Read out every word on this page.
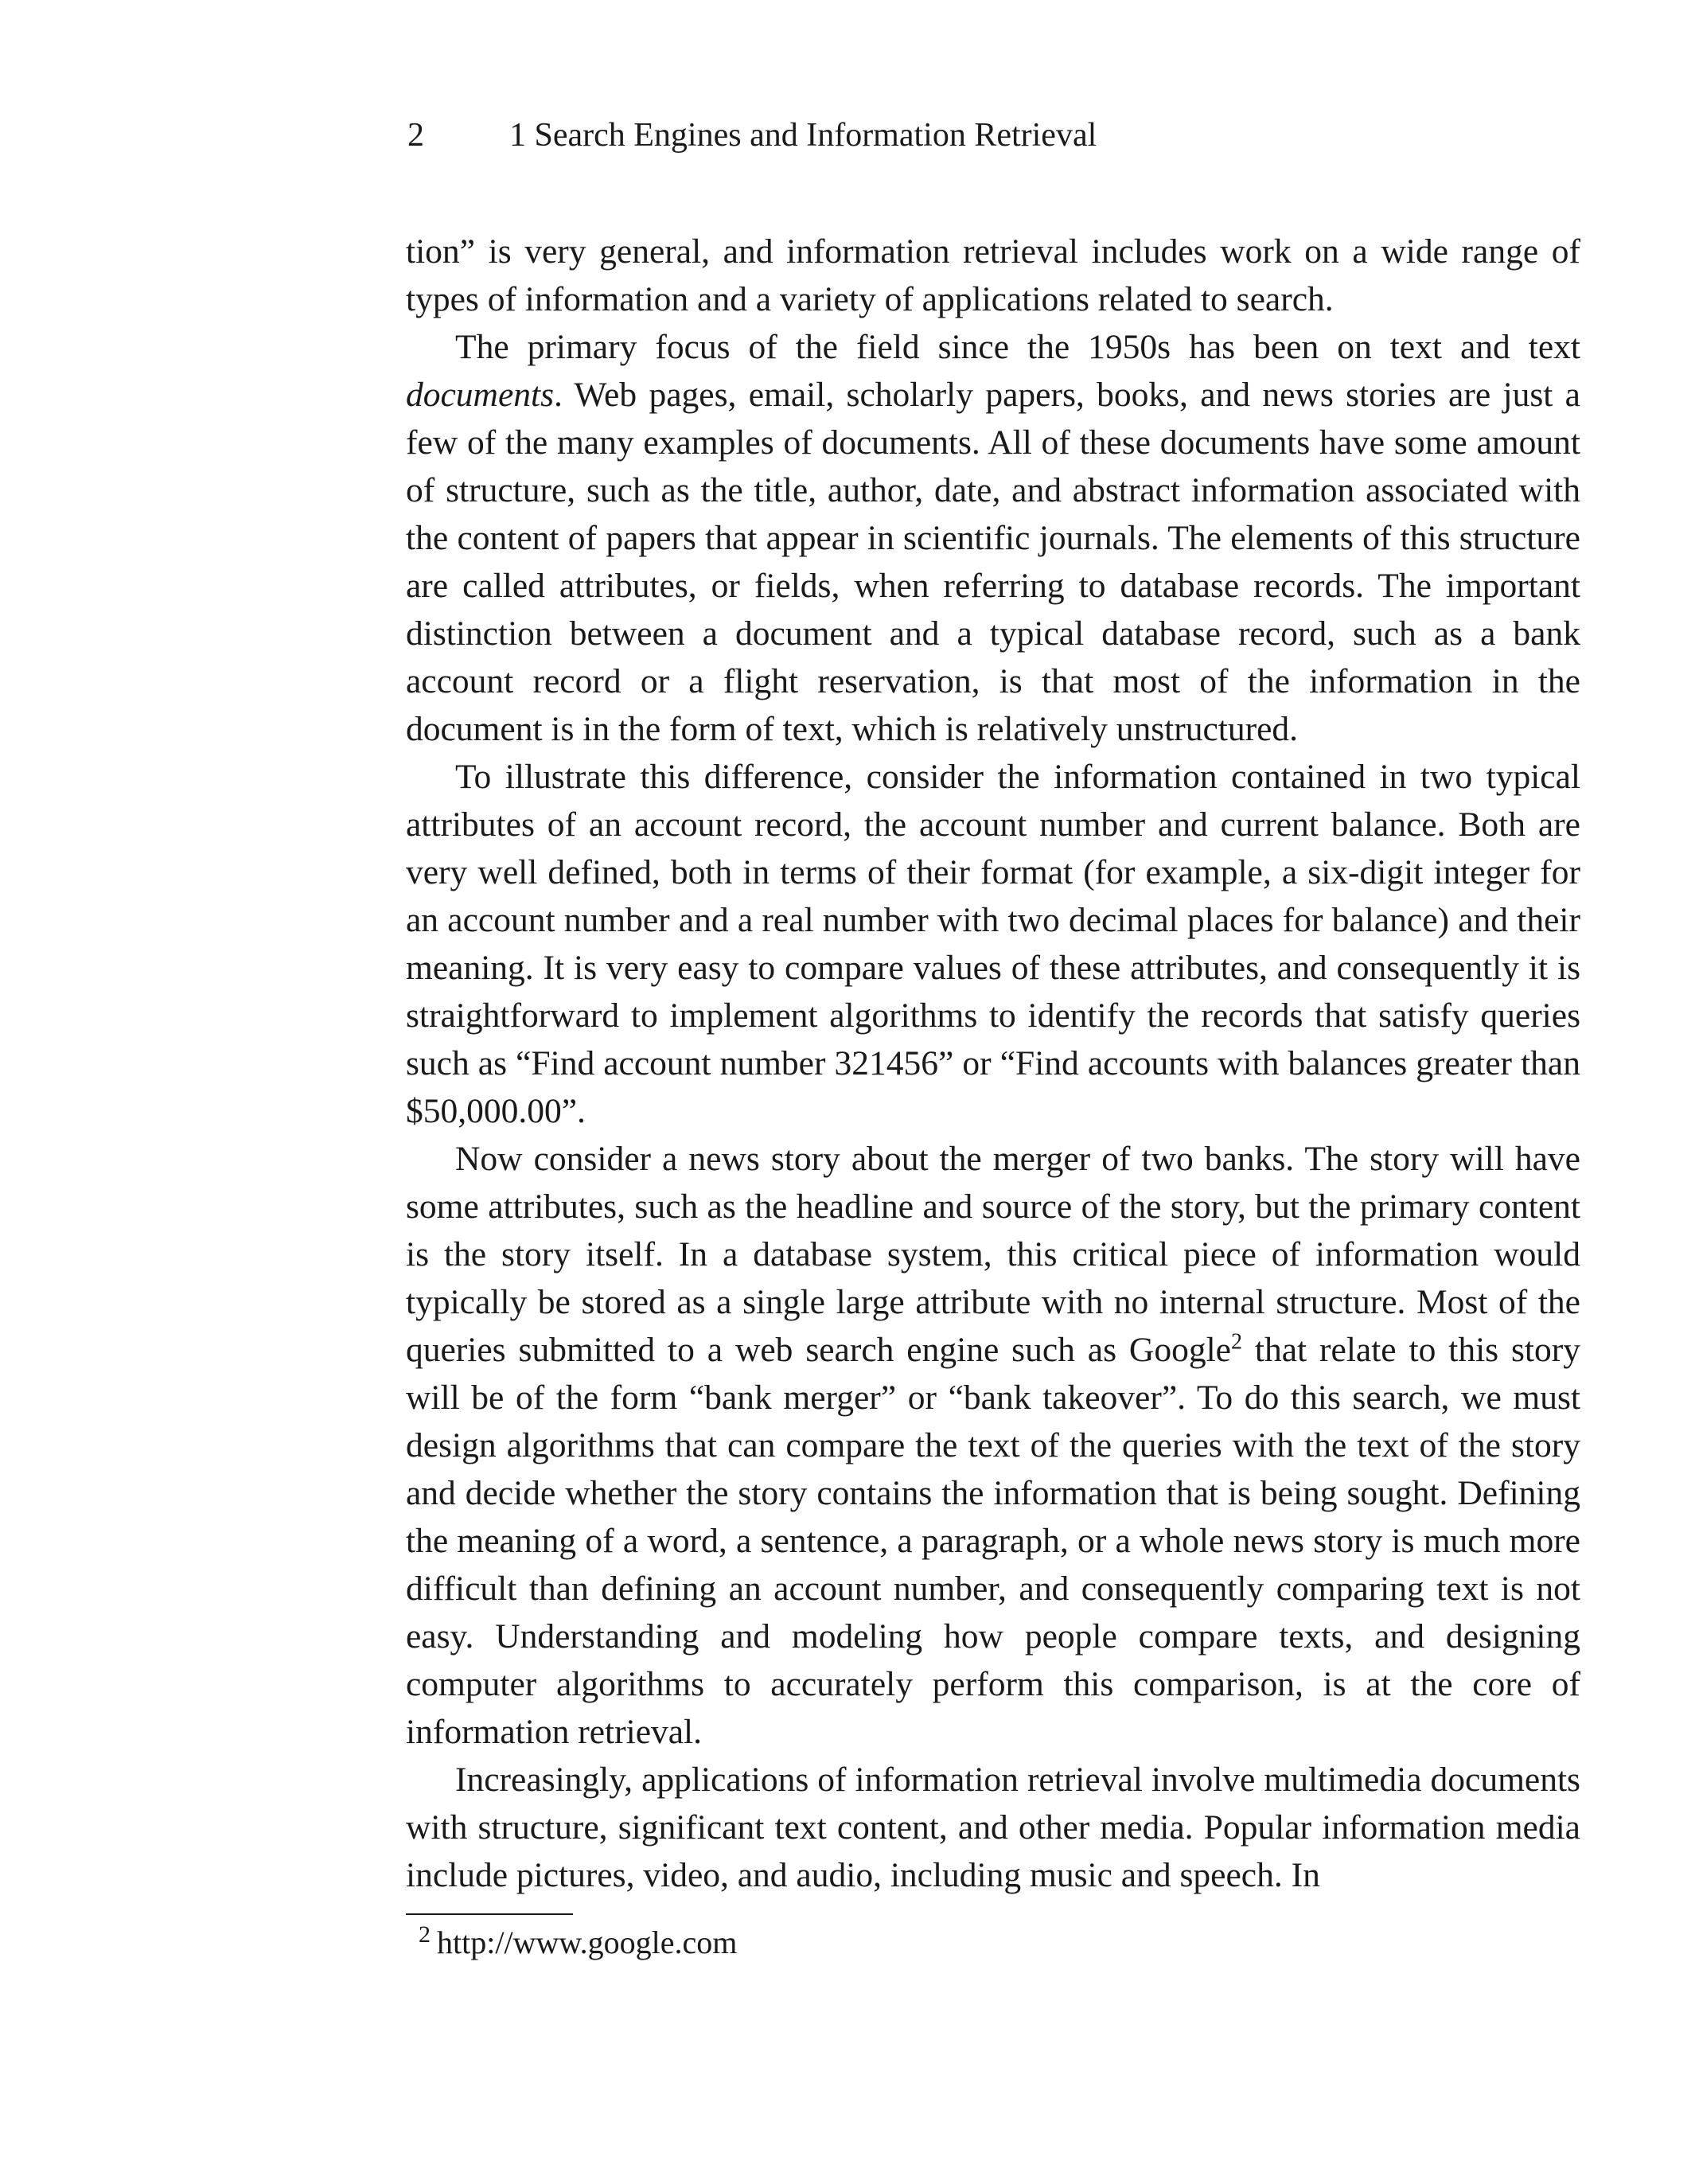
2	1 Search Engines and Information Retrieval

tion” is very general, and information retrieval includes work on a wide range of types of information and a variety of applications related to search.

The primary focus of the field since the 1950s has been on text and text documents. Web pages, email, scholarly papers, books, and news stories are just a few of the many examples of documents. All of these documents have some amount of structure, such as the title, author, date, and abstract information associated with the content of papers that appear in scientific journals. The elements of this structure are called attributes, or fields, when referring to database records. The important distinction between a document and a typical database record, such as a bank account record or a flight reservation, is that most of the information in the document is in the form of text, which is relatively unstructured.

To illustrate this difference, consider the information contained in two typical attributes of an account record, the account number and current balance. Both are very well defined, both in terms of their format (for example, a six-digit integer for an account number and a real number with two decimal places for balance) and their meaning. It is very easy to compare values of these attributes, and consequently it is straightforward to implement algorithms to identify the records that satisfy queries such as “Find account number 321456” or “Find accounts with balances greater than $50,000.00”.

Now consider a news story about the merger of two banks. The story will have some attributes, such as the headline and source of the story, but the primary content is the story itself. In a database system, this critical piece of information would typically be stored as a single large attribute with no internal structure. Most of the queries submitted to a web search engine such as Google$^2$ that relate to this story will be of the form “bank merger” or “bank takeover”. To do this search, we must design algorithms that can compare the text of the queries with the text of the story and decide whether the story contains the information that is being sought. Defining the meaning of a word, a sentence, a paragraph, or a whole news story is much more difficult than defining an account number, and consequently comparing text is not easy. Understanding and modeling how people compare texts, and designing computer algorithms to accurately perform this comparison, is at the core of information retrieval.

Increasingly, applications of information retrieval involve multimedia documents with structure, significant text content, and other media. Popular information media include pictures, video, and audio, including music and speech. In

$^2$ http://www.google.com
